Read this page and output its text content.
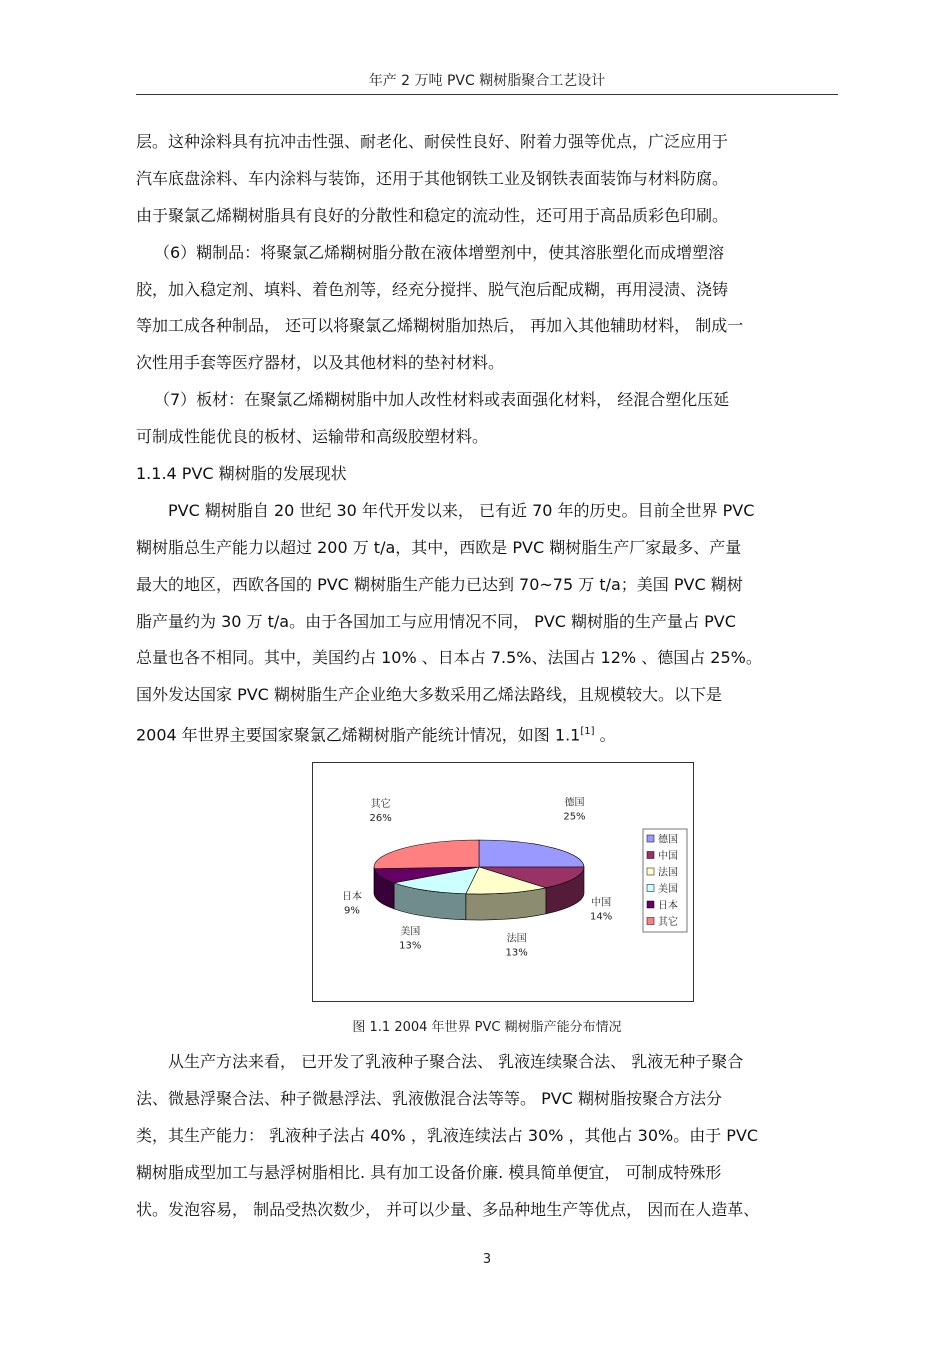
年产 2 万吨 PVC 糊树脂聚合工艺设计
层。这种涂料具有抗冲击性强、耐老化、耐侯性良好、附着力强等优点，广泛应用于
汽车底盘涂料、车内涂料与装饰，还用于其他钢铁工业及钢铁表面装饰与材料防腐。
由于聚氯乙烯糊树脂具有良好的分散性和稳定的流动性，还可用于高品质彩色印刷。
（6）糊制品：将聚氯乙烯糊树脂分散在液体增塑剂中，使其溶胀塑化而成增塑溶
胶，加入稳定剂、填料、着色剂等，经充分搅拌、脱气泡后配成糊，再用浸渍、浇铸
等加工成各种制品， 还可以将聚氯乙烯糊树脂加热后， 再加入其他辅助材料， 制成一
次性用手套等医疗器材，以及其他材料的垫衬材料。
（7）板材：在聚氯乙烯糊树脂中加人改性材料或表面强化材料， 经混合塑化压延
可制成性能优良的板材、运输带和高级胶塑材料。
1.1.4 PVC 糊树脂的发展现状
PVC 糊树脂自 20 世纪 30 年代开发以来， 已有近 70 年的历史。目前全世界 PVC
糊树脂总生产能力以超过 200 万 t/a，其中，西欧是 PVC 糊树脂生产厂家最多、产量
最大的地区，西欧各国的 PVC 糊树脂生产能力已达到 70~75 万 t/a；美国 PVC 糊树
脂产量约为 30 万 t/a。由于各国加工与应用情况不同， PVC 糊树脂的生产量占 PVC
总量也各不相同。其中，美国约占 10% 、日本占 7.5%、法国占 12% 、德国占 25%。
国外发达国家 PVC 糊树脂生产企业绝大多数采用乙烯法路线，且规模较大。以下是
2004 年世界主要国家聚氯乙烯糊树脂产能统计情况，如图 1.1[1] 。
德国
25%
中国
14%
法国
13%
美国
13%
日本
9%
其它
26%
德国
中国
法国
美国
日本
其它
图 1.1 2004 年世界 PVC 糊树脂产能分布情况
从生产方法来看， 已开发了乳液种子聚合法、 乳液连续聚合法、 乳液无种子聚合
法、微悬浮聚合法、种子微悬浮法、乳液傲混合法等等。 PVC 糊树脂按聚合方法分
类，其生产能力： 乳液种子法占 40% ，乳液连续法占 30% ，其他占 30%。由于 PVC
糊树脂成型加工与悬浮树脂相比. 具有加工设备价廉. 模具简单便宜， 可制成特殊形
状。发泡容易， 制品受热次数少， 并可以少量、多品种地生产等优点， 因而在人造革、
3
